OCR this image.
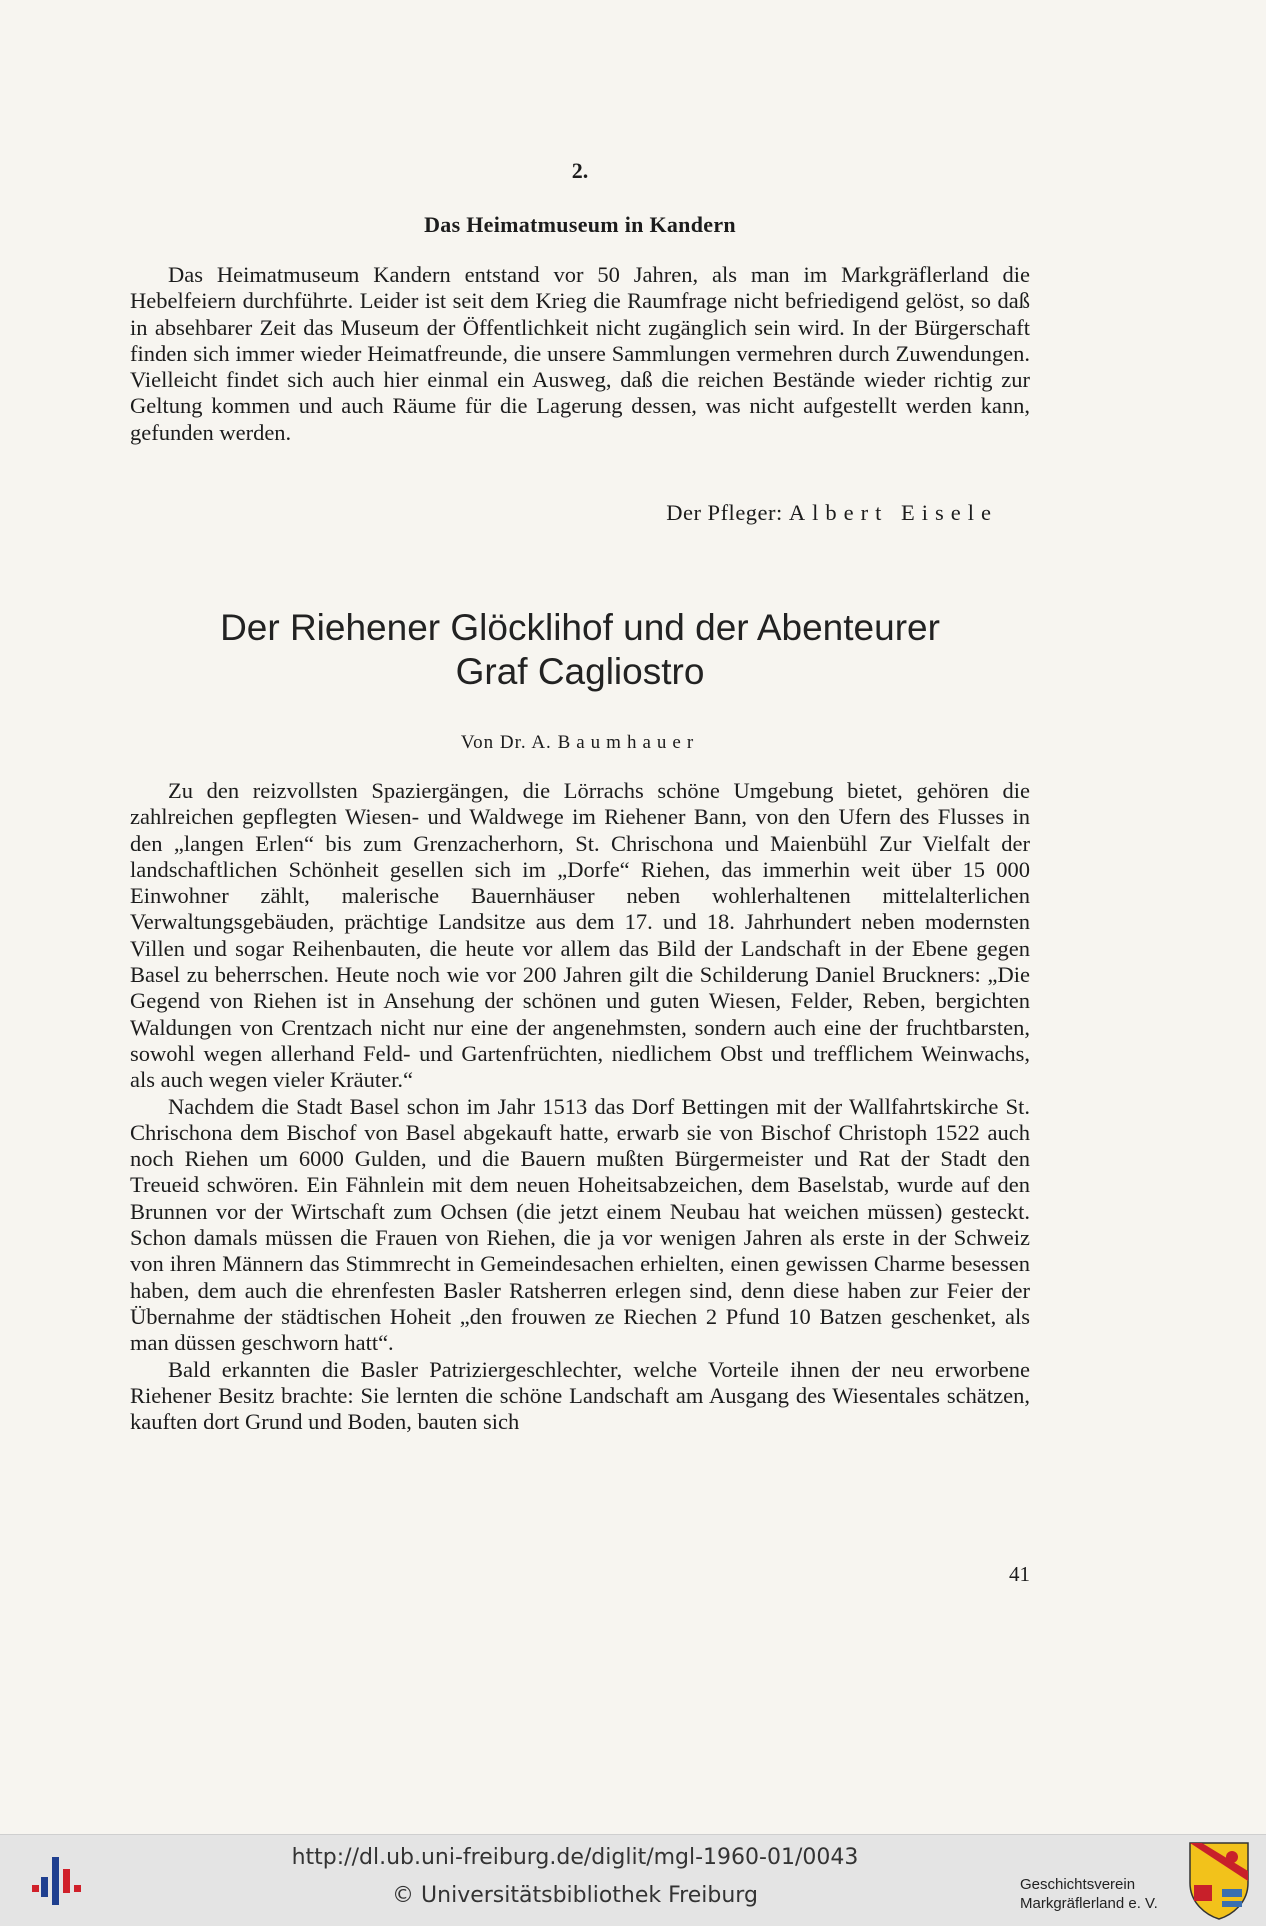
2.
Das Heimatmuseum in Kandern
Das Heimatmuseum Kandern entstand vor 50 Jahren, als man im Markgräflerland die Hebelfeiern durchführte. Leider ist seit dem Krieg die Raumfrage nicht befriedigend gelöst, so daß in absehbarer Zeit das Museum der Öffentlichkeit nicht zugänglich sein wird. In der Bürgerschaft finden sich immer wieder Heimatfreunde, die unsere Sammlungen vermehren durch Zuwendungen. Vielleicht findet sich auch hier einmal ein Ausweg, daß die reichen Bestände wieder richtig zur Geltung kommen und auch Räume für die Lagerung dessen, was nicht aufgestellt werden kann, gefunden werden.
Der Pfleger: Albert Eisele
Der Riehener Glöcklihof und der Abenteurer
Graf Cagliostro
Von Dr. A. Baumhauer

Zu den reizvollsten Spaziergängen, die Lörrachs schöne Umgebung bietet, gehören die zahlreichen gepflegten Wiesen- und Waldwege im Riehener Bann, von den Ufern des Flusses in den „langen Erlen“ bis zum Grenzacherhorn, St. Chrischona und Maienbühl Zur Vielfalt der landschaftlichen Schönheit gesellen sich im „Dorfe“ Riehen, das immerhin weit über 15 000 Einwohner zählt, malerische Bauernhäuser neben wohlerhaltenen mittelalterlichen Verwaltungsgebäuden, prächtige Landsitze aus dem 17. und 18. Jahrhundert neben modernsten Villen und sogar Reihenbauten, die heute vor allem das Bild der Landschaft in der Ebene gegen Basel zu beherrschen. Heute noch wie vor 200 Jahren gilt die Schilderung Daniel Bruckners: „Die Gegend von Riehen ist in Ansehung der schönen und guten Wiesen, Felder, Reben, bergichten Waldungen von Crentzach nicht nur eine der angenehmsten, sondern auch eine der fruchtbarsten, sowohl wegen allerhand Feld- und Gartenfrüchten, niedlichem Obst und trefflichem Weinwachs, als auch wegen vieler Kräuter.“

Nachdem die Stadt Basel schon im Jahr 1513 das Dorf Bettingen mit der Wallfahrtskirche St. Chrischona dem Bischof von Basel abgekauft hatte, erwarb sie von Bischof Christoph 1522 auch noch Riehen um 6000 Gulden, und die Bauern mußten Bürgermeister und Rat der Stadt den Treueid schwören. Ein Fähnlein mit dem neuen Hoheitsabzeichen, dem Baselstab, wurde auf den Brunnen vor der Wirtschaft zum Ochsen (die jetzt einem Neubau hat weichen müssen) gesteckt. Schon damals müssen die Frauen von Riehen, die ja vor wenigen Jahren als erste in der Schweiz von ihren Männern das Stimmrecht in Gemeindesachen erhielten, einen gewissen Charme besessen haben, dem auch die ehrenfesten Basler Ratsherren erlegen sind, denn diese haben zur Feier der Übernahme der städtischen Hoheit „den frouwen ze Riechen 2 Pfund 10 Batzen geschenket, als man düssen geschworn hatt“.

Bald erkannten die Basler Patriziergeschlechter, welche Vorteile ihnen der neu erworbene Riehener Besitz brachte: Sie lernten die schöne Landschaft am Ausgang des Wiesentales schätzen, kauften dort Grund und Boden, bauten sich

41
http://dl.ub.uni-freiburg.de/diglit/mgl-1960-01/0043
© Universitätsbibliothek Freiburg	Geschichtsverein
Markgräflerland e. V.
